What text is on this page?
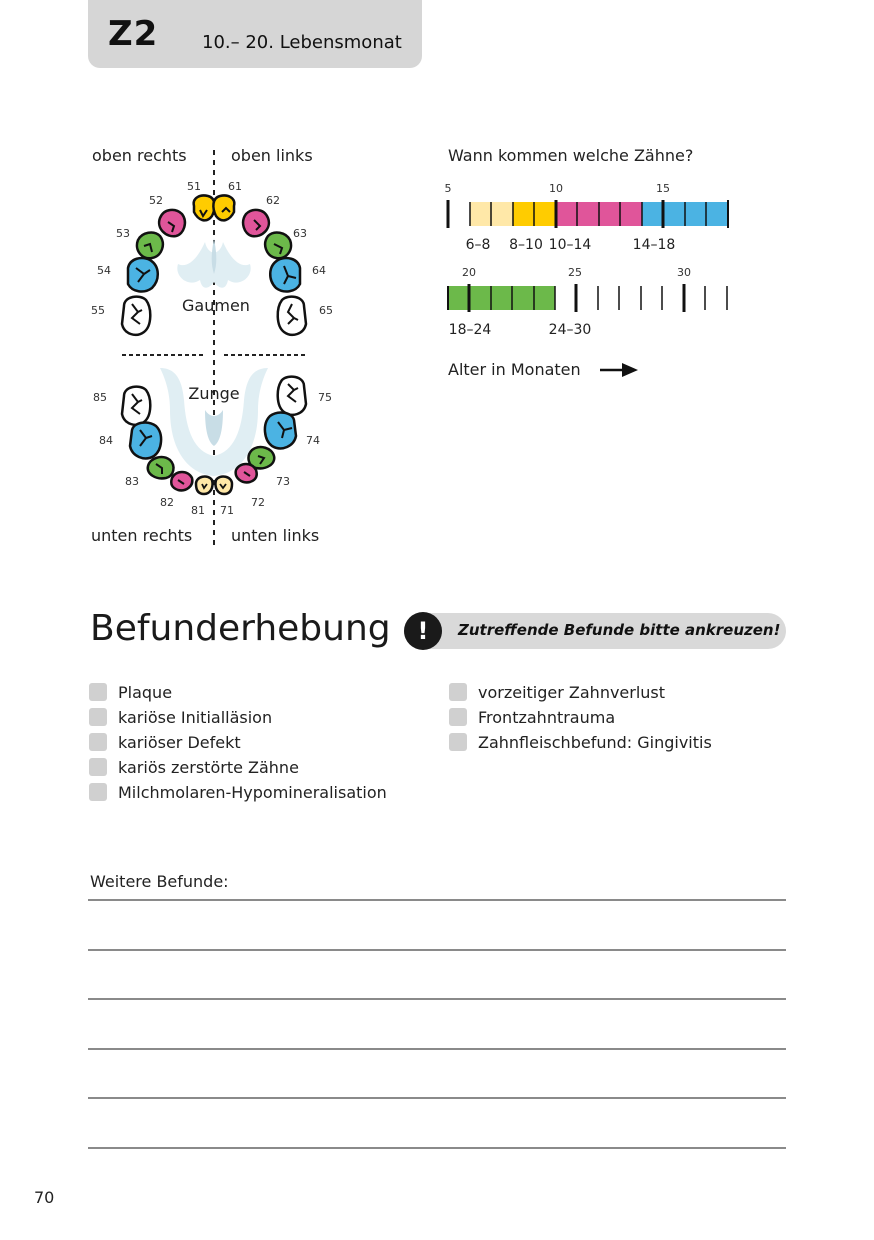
Z2 10.– 20. Lebensmonat
oben rechts	oben links
unten rechts unten links
Gaumen
Zunge
51
52
53
54
55
61
62
63
64
65
85
84
83
82
81 71
72
73
74
75
Wann kommen welche Zähne?
5	10	15
6–8 8–10 10–14	14–18
20	25	30
18–24	24–30
Alter in Monaten
Befunderhebung	!	Zutreffende Befunde bitte ankreuzen!
Plaque
kariöse Initialläsion
kariöser Defekt
kariös zerstörte Zähne
Milchmolaren-Hypomineralisation
vorzeitiger Zahnverlust
Frontzahntrauma
Zahnfleischbefund: Gingivitis
Weitere Befunde:
70
